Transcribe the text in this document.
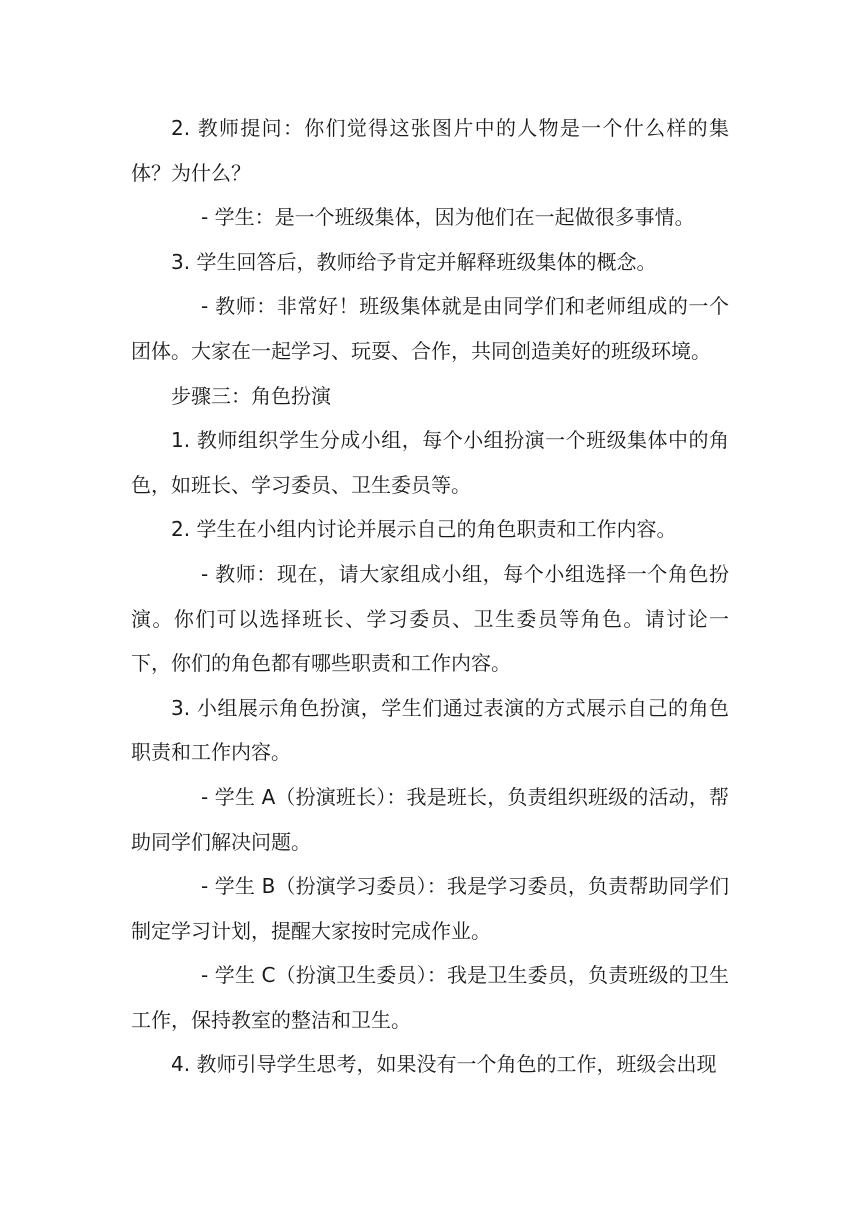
2. 教师提问：你们觉得这张图片中的人物是一个什么样的集体？为什么？

- 学生：是一个班级集体，因为他们在一起做很多事情。

3. 学生回答后，教师给予肯定并解释班级集体的概念。

- 教师：非常好！班级集体就是由同学们和老师组成的一个团体。大家在一起学习、玩耍、合作，共同创造美好的班级环境。

步骤三：角色扮演

1. 教师组织学生分成小组，每个小组扮演一个班级集体中的角色，如班长、学习委员、卫生委员等。

2. 学生在小组内讨论并展示自己的角色职责和工作内容。

- 教师：现在，请大家组成小组，每个小组选择一个角色扮演。你们可以选择班长、学习委员、卫生委员等角色。请讨论一下，你们的角色都有哪些职责和工作内容。

3. 小组展示角色扮演，学生们通过表演的方式展示自己的角色职责和工作内容。

- 学生 A（扮演班长）：我是班长，负责组织班级的活动，帮助同学们解决问题。

- 学生 B（扮演学习委员）：我是学习委员，负责帮助同学们制定学习计划，提醒大家按时完成作业。

- 学生 C（扮演卫生委员）：我是卫生委员，负责班级的卫生工作，保持教室的整洁和卫生。

4. 教师引导学生思考，如果没有一个角色的工作，班级会出现
